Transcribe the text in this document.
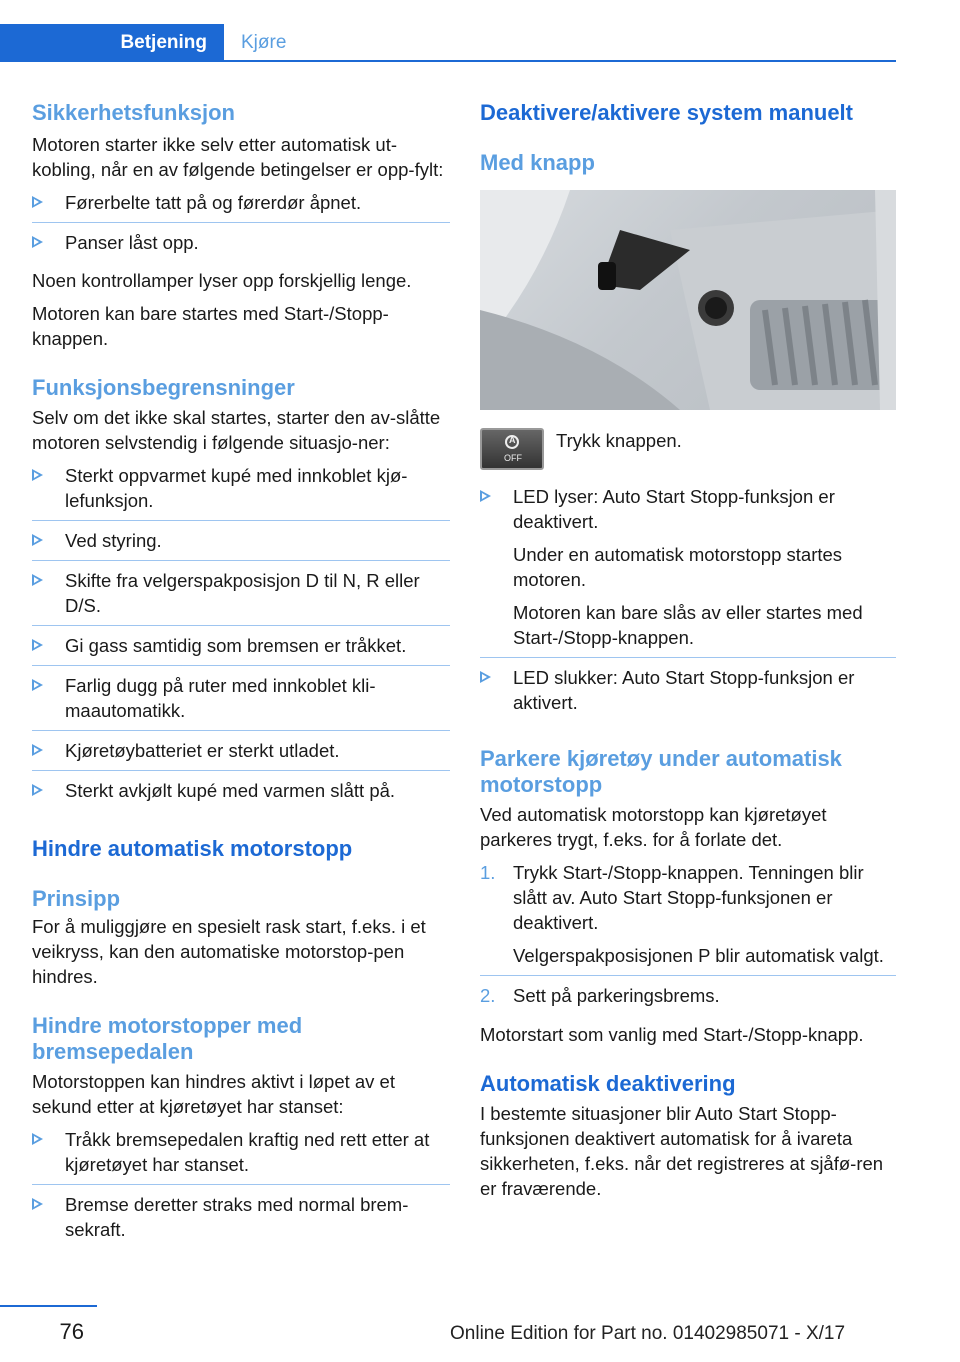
Betjening	Kjøre
Sikkerhetsfunksjon

Motoren starter ikke selv etter automatisk ut-kobling, når en av følgende betingelser er opp-fylt:

Førerbelte tatt på og førerdør åpnet.
Panser låst opp.

Noen kontrollamper lyser opp forskjellig lenge.

Motoren kan bare startes med Start-/Stopp-knappen.

Funksjonsbegrensninger

Selv om det ikke skal startes, starter den av-slåtte motoren selvstendig i følgende situasjo-ner:

Sterkt oppvarmet kupé med innkoblet kjø-lefunksjon.
Ved styring.
Skifte fra velgerspakposisjon D til N, R eller D/S.
Gi gass samtidig som bremsen er tråkket.
Farlig dugg på ruter med innkoblet kli-maautomatikk.
Kjøretøybatteriet er sterkt utladet.
Sterkt avkjølt kupé med varmen slått på.
Hindre automatisk motorstopp
Prinsipp

For å muliggjøre en spesielt rask start, f.eks. i et veikryss, kan den automatiske motorstop-pen hindres.

Hindre motorstopper med bremsepedalen

Motorstoppen kan hindres aktivt i løpet av et sekund etter at kjøretøyet har stanset:

Tråkk bremsepedalen kraftig ned rett etter at kjøretøyet har stanset.
Bremse deretter straks med normal brem-sekraft.
Deaktivere/aktivere system manuelt
Med knapp
A
OFF

Trykk knappen.

LED lyser: Auto Start Stopp-funksjon er deaktivert.
Under en automatisk motorstopp startes motoren.
Motoren kan bare slås av eller startes med Start-/Stopp-knappen.
LED slukker: Auto Start Stopp-funksjon er aktivert.
Parkere kjøretøy under automatisk motorstopp

Ved automatisk motorstopp kan kjøretøyet parkeres trygt, f.eks. for å forlate det.

1. Trykk Start-/Stopp-knappen. Tenningen blir slått av. Auto Start Stopp-funksjonen er deaktivert.
Velgerspakposisjonen P blir automatisk valgt.
2. Sett på parkeringsbrems.

Motorstart som vanlig med Start-/Stopp-knapp.

Automatisk deaktivering

I bestemte situasjoner blir Auto Start Stopp-funksjonen deaktivert automatisk for å ivareta sikkerheten, f.eks. når det registreres at sjåfø-ren er fraværende.

76	Online Edition for Part no. 01402985071 - X/17
